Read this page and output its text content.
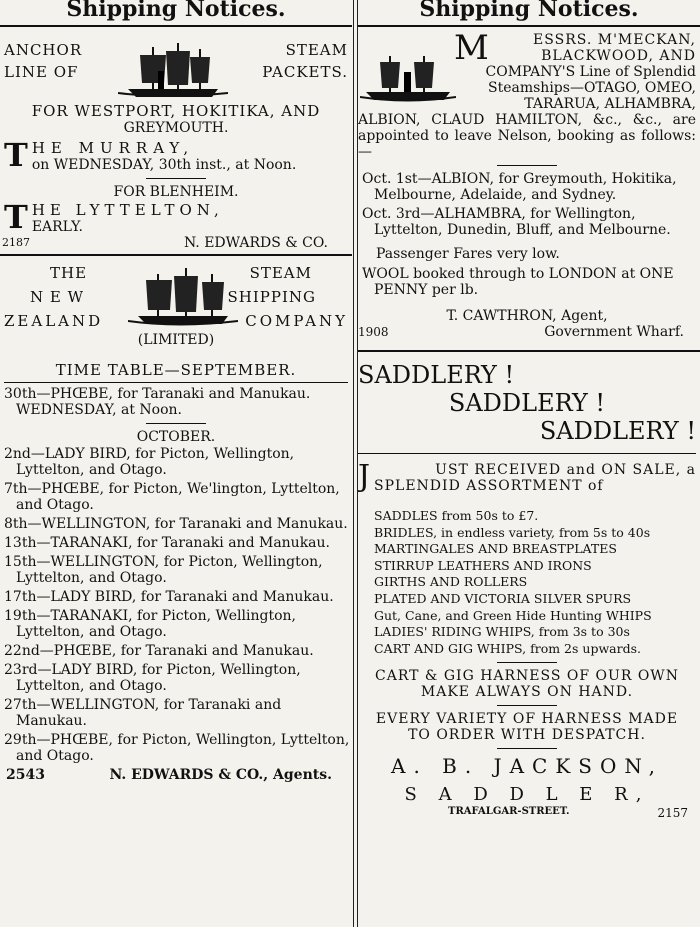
Shipping Notices.
ANCHOR	STEAM
LINE OF	PACKETS.
FOR WESTPORT, HOKITIKA, AND
GREYMOUTH.
T HE MURRAY,
on WEDNESDAY, 30th inst., at Noon.
FOR BLENHEIM.
T HE LYTTELTON,
EARLY.
2187	N. EDWARDS & CO.
THE	STEAM
N E W	SHIPPING
ZEALAND	COMPANY
(LIMITED)
TIME TABLE—SEPTEMBER.
30th—PHŒBE, for Taranaki and Manukau. WEDNESDAY, at Noon.
OCTOBER.
2nd—LADY BIRD, for Picton, Wellington, Lyttelton, and Otago.
7th—PHŒBE, for Picton, We'lington, Lyttelton, and Otago.
8th—WELLINGTON, for Taranaki and Manukau.
13th—TARANAKI, for Taranaki and Manukau.
15th—WELLINGTON, for Picton, Wellington, Lyttelton, and Otago.
17th—LADY BIRD, for Taranaki and Manukau.
19th—TARANAKI, for Picton, Wellington, Lyttelton, and Otago.
22nd—PHŒBE, for Taranaki and Manukau.
23rd—LADY BIRD, for Picton, Wellington, Lyttelton, and Otago.
27th—WELLINGTON, for Taranaki and Manukau.
29th—PHŒBE, for Picton, Wellington, Lyttelton, and Otago.
2543	N. EDWARDS & CO., Agents.
Shipping Notices.
M	ESSRS. M'MECKAN,
BLACKWOOD, AND
COMPANY'S Line of Splendid
Steamships—OTAGO, OMEO,
TARARUA, ALHAMBRA,
ALBION, CLAUD HAMILTON, &c., &c., are appointed to leave Nelson, booking as follows:—
Oct. 1st—ALBION, for Greymouth, Hokitika, Melbourne, Adelaide, and Sydney.
Oct. 3rd—ALHAMBRA, for Wellington, Lyttelton, Dunedin, Bluff, and Melbourne.
Passenger Fares very low.
WOOL booked through to LONDON at ONE PENNY per lb.
T. CAWTHRON, Agent,
1908	Government Wharf.
SADDLERY !
SADDLERY !
SADDLERY !
J	UST RECEIVED and ON SALE, a
SPLENDID ASSORTMENT of
SADDLES from 50s to £7.
BRIDLES, in endless variety, from 5s to 40s
MARTINGALES AND BREASTPLATES
STIRRUP LEATHERS AND IRONS
GIRTHS AND ROLLERS
PLATED AND VICTORIA SILVER SPURS
Gut, Cane, and Green Hide Hunting WHIPS
LADIES' RIDING WHIPS, from 3s to 30s
CART AND GIG WHIPS, from 2s upwards.
CART & GIG HARNESS OF OUR OWN
MAKE ALWAYS ON HAND.
EVERY VARIETY OF HARNESS MADE
TO ORDER WITH DESPATCH.
A. B. JACKSON,
S A D D L E R,
TRAFALGAR-STREET.	2157
